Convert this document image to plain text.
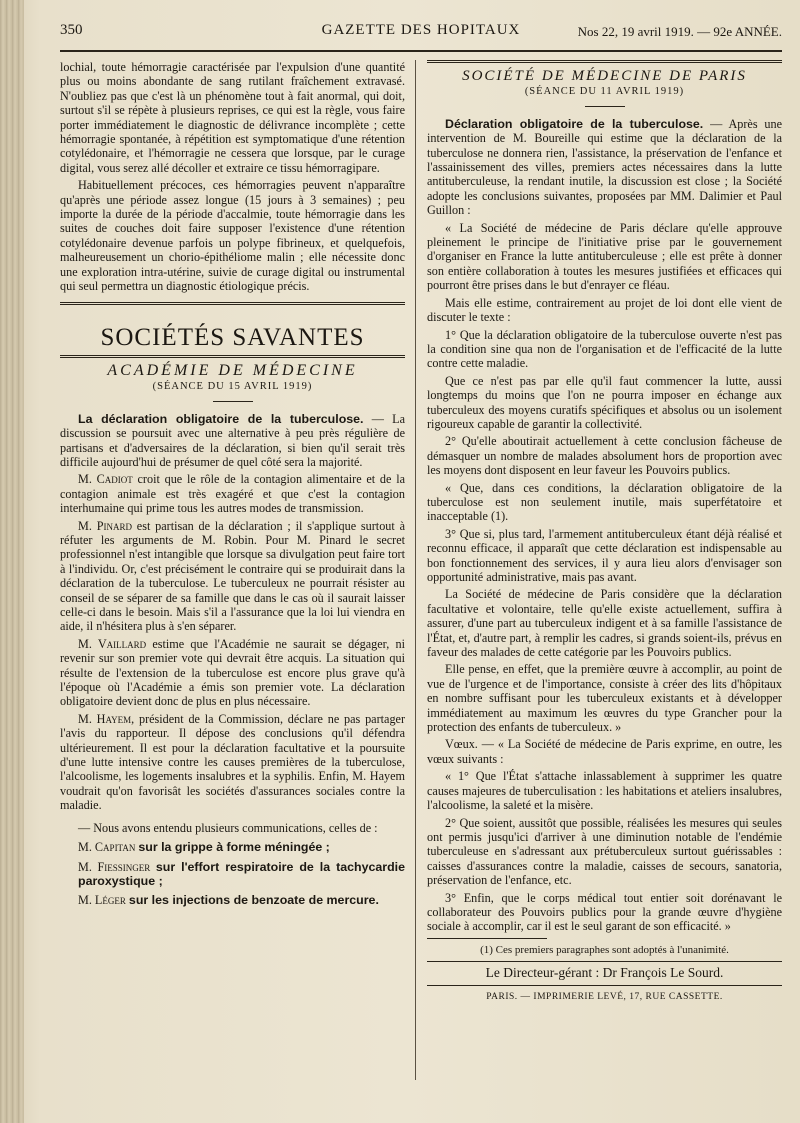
350	GAZETTE DES HOPITAUX	Nos 22, 19 avril 1919. — 92e ANNÉE.

lochial, toute hémorragie caractérisée par l'expulsion d'une quantité plus ou moins abondante de sang rutilant fraîchement extravasé. N'oubliez pas que c'est là un phénomène tout à fait anormal, qui doit, surtout s'il se répète à plusieurs reprises, ce qui est la règle, vous faire porter immédiatement le diagnostic de délivrance incomplète ; cette hémorragie spontanée, à répétition est symptomatique d'une rétention cotylédonaire, et l'hémorragie ne cessera que lorsque, par le curage digital, vous serez allé décoller et extraire ce tissu hémorragipare.

Habituellement précoces, ces hémorragies peuvent n'apparaître qu'après une période assez longue (15 jours à 3 semaines) ; peu importe la durée de la période d'accalmie, toute hémorragie dans les suites de couches doit faire supposer l'existence d'une rétention cotylédonaire devenue parfois un polype fibrineux, et quelquefois, malheureusement un chorio-épithéliome malin ; elle nécessite donc une exploration intra-utérine, suivie de curage digital ou instrumental qui seul permettra un diagnostic étiologique précis.

SOCIÉTÉS SAVANTES
ACADÉMIE DE MÉDECINE
(SÉANCE DU 15 AVRIL 1919)

La déclaration obligatoire de la tuberculose. — La discussion se poursuit avec une alternative à peu près régulière de partisans et d'adversaires de la déclaration, si bien qu'il serait très difficile aujourd'hui de présumer de quel côté sera la majorité.

M. Cadiot croit que le rôle de la contagion alimentaire et de la contagion animale est très exagéré et que c'est la contagion interhumaine qui prime tous les autres modes de transmission.

M. Pinard est partisan de la déclaration ; il s'applique surtout à réfuter les arguments de M. Robin. Pour M. Pinard le secret professionnel n'est intangible que lorsque sa divulgation peut faire tort à l'individu. Or, c'est précisément le contraire qui se produirait dans la déclaration de la tuberculose. Le tuberculeux ne pourrait résister au conseil de se séparer de sa famille que dans le cas où il saurait laisser celle-ci dans le besoin. Mais s'il a l'assurance que la loi lui viendra en aide, il n'hésitera plus à s'en séparer.

M. Vaillard estime que l'Académie ne saurait se dégager, ni revenir sur son premier vote qui devrait être acquis. La situation qui résulte de l'extension de la tuberculose est encore plus grave qu'à l'époque où l'Académie a émis son premier vote. La déclaration obligatoire devient donc de plus en plus nécessaire.

M. Hayem, président de la Commission, déclare ne pas partager l'avis du rapporteur. Il dépose des conclusions qu'il défendra ultérieurement. Il est pour la déclaration facultative et la poursuite d'une lutte intensive contre les causes premières de la tuberculose, l'alcoolisme, les logements insalubres et la syphilis. Enfin, M. Hayem voudrait qu'on favorisât les sociétés d'assurances sociales contre la maladie.

— Nous avons entendu plusieurs communications, celles de :

M. Capitan sur la grippe à forme méningée ;

M. Fiessinger sur l'effort respiratoire de la tachycardie paroxystique ;

M. Léger sur les injections de benzoate de mercure.

SOCIÉTÉ DE MÉDECINE DE PARIS
(SÉANCE DU 11 AVRIL 1919)

Déclaration obligatoire de la tuberculose. — Après une intervention de M. Boureille qui estime que la déclaration de la tuberculose ne donnera rien, l'assistance, la préservation de l'enfance et l'assainissement des villes, premiers actes nécessaires dans la lutte antituberculeuse, la rendant inutile, la discussion est close ; la Société adopte les conclusions suivantes, proposées par MM. Dalimier et Paul Guillon :

« La Société de médecine de Paris déclare qu'elle approuve pleinement le principe de l'initiative prise par le gouvernement d'organiser en France la lutte antituberculeuse ; elle est prête à donner son entière collaboration à toutes les mesures justifiées et efficaces qui pourront être prises dans le but d'enrayer ce fléau.

Mais elle estime, contrairement au projet de loi dont elle vient de discuter le texte :

1° Que la déclaration obligatoire de la tuberculose ouverte n'est pas la condition sine qua non de l'organisation et de l'efficacité de la lutte contre cette maladie.

Que ce n'est pas par elle qu'il faut commencer la lutte, aussi longtemps du moins que l'on ne pourra imposer en échange aux tuberculeux des moyens curatifs spécifiques et absolus ou un isolement rigoureux capable de garantir la collectivité.

2° Qu'elle aboutirait actuellement à cette conclusion fâcheuse de démasquer un nombre de malades absolument hors de proportion avec les moyens dont disposent en leur faveur les Pouvoirs publics.

« Que, dans ces conditions, la déclaration obligatoire de la tuberculose est non seulement inutile, mais superfétatoire et inacceptable (1).

3° Que si, plus tard, l'armement antituberculeux étant déjà réalisé et reconnu efficace, il apparaît que cette déclaration est indispensable au bon fonctionnement des services, il y aura lieu alors d'envisager son opportunité administrative, mais pas avant.

La Société de médecine de Paris considère que la déclaration facultative et volontaire, telle qu'elle existe actuellement, suffira à assurer, d'une part au tuberculeux indigent et à sa famille l'assistance de l'État, et, d'autre part, à remplir les cadres, si grands soient-ils, prévus en faveur des malades de cette catégorie par les Pouvoirs publics.

Elle pense, en effet, que la première œuvre à accomplir, au point de vue de l'urgence et de l'importance, consiste à créer des lits d'hôpitaux en nombre suffisant pour les tuberculeux existants et à développer immédiatement au maximum les œuvres du type Grancher pour la protection des enfants de tuberculeux. »

Vœux. — « La Société de médecine de Paris exprime, en outre, les vœux suivants :

« 1° Que l'État s'attache inlassablement à supprimer les quatre causes majeures de tuberculisation : les habitations et ateliers insalubres, l'alcoolisme, la saleté et la misère.

2° Que soient, aussitôt que possible, réalisées les mesures qui seules ont permis jusqu'ici d'arriver à une diminution notable de l'endémie tuberculeuse en s'adressant aux prétuberculeux surtout guérissables : caisses d'assurances contre la maladie, caisses de secours, sanatoria, préservation de l'enfance, etc.

3° Enfin, que le corps médical tout entier soit dorénavant le collaborateur des Pouvoirs publics pour la grande œuvre d'hygiène sociale à accomplir, car il est le seul garant de son efficacité. »

(1) Ces premiers paragraphes sont adoptés à l'unanimité.
Le Directeur-gérant : Dr François Le Sourd.
PARIS. — IMPRIMERIE LEVÉ, 17, RUE CASSETTE.
